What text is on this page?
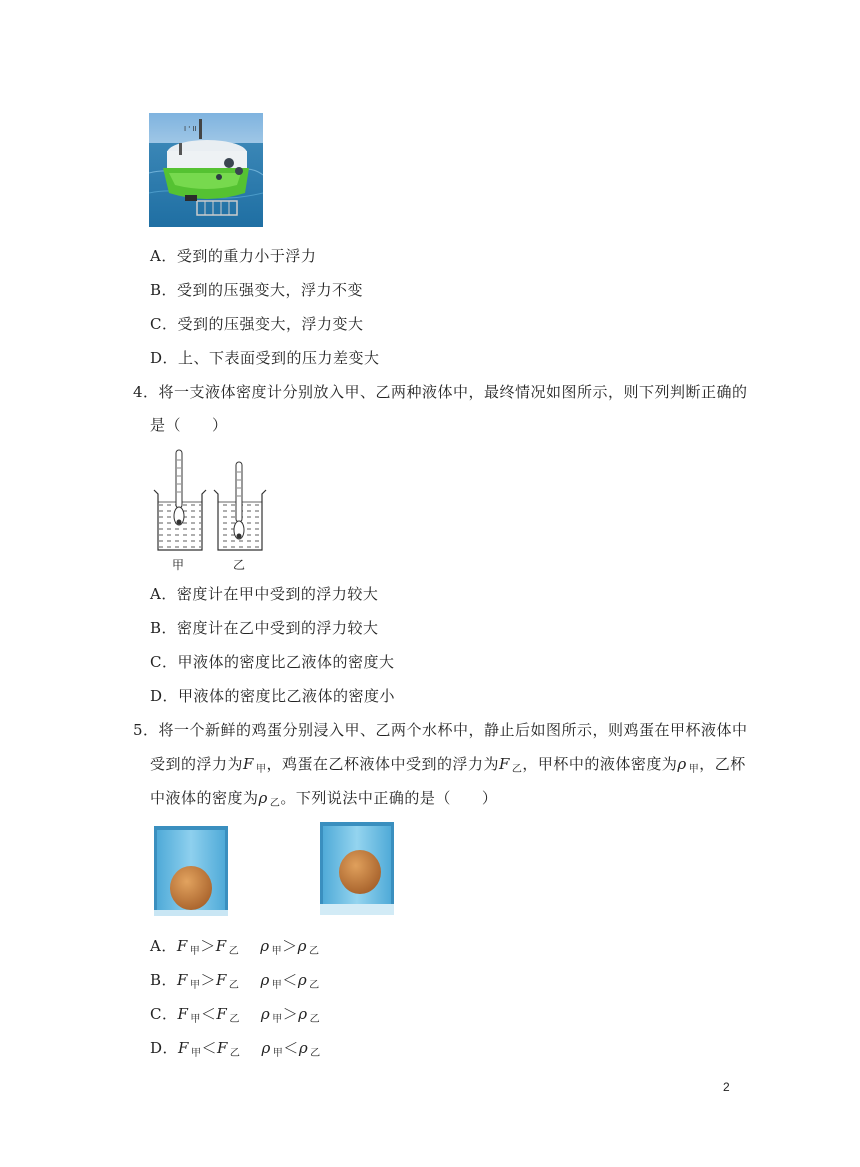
I ' II
A．受到的重力小于浮力
B．受到的压强变大，浮力不变
C．受到的压强变大，浮力变大
D．上、下表面受到的压力差变大
4．将一支液体密度计分别放入甲、乙两种液体中，最终情况如图所示，则下列判断正确的
是（　　）
甲	乙
A．密度计在甲中受到的浮力较大
B．密度计在乙中受到的浮力较大
C．甲液体的密度比乙液体的密度大
D．甲液体的密度比乙液体的密度小
5．将一个新鲜的鸡蛋分别浸入甲、乙两个水杯中，静止后如图所示，则鸡蛋在甲杯液体中
受到的浮力为F $_甲$，鸡蛋在乙杯液体中受到的浮力为F $_乙$，甲杯中的液体密度为ρ $_甲$，乙杯
中液体的密度为ρ $_乙$。下列说法中正确的是（　　）
A．F $_甲$＞F $_乙$ ρ $_甲$＞ρ $_乙$
B．F $_甲$＞F $_乙$ ρ $_甲$＜ρ $_乙$
C．F $_甲$＜F $_乙$ ρ $_甲$＞ρ $_乙$
D．F $_甲$＜F $_乙$ ρ $_甲$＜ρ $_乙$
2
